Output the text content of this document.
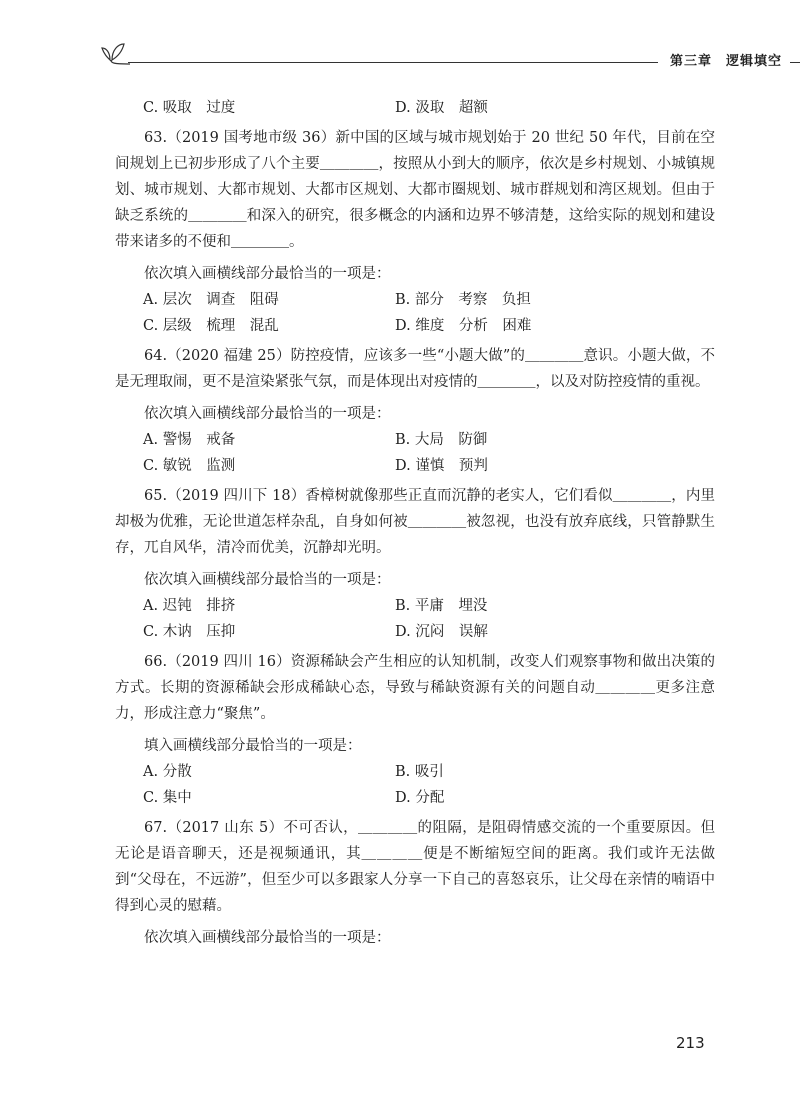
第三章　逻辑填空
C. 吸取　过度	D. 汲取　超额

63.（2019 国考地市级 36）新中国的区域与城市规划始于 20 世纪 50 年代，目前在空间规划上已初步形成了八个主要＿＿＿＿，按照从小到大的顺序，依次是乡村规划、小城镇规划、城市规划、大都市规划、大都市区规划、大都市圈规划、城市群规划和湾区规划。但由于缺乏系统的＿＿＿＿和深入的研究，很多概念的内涵和边界不够清楚，这给实际的规划和建设带来诸多的不便和＿＿＿＿。

依次填入画横线部分最恰当的一项是：

A. 层次　调查　阻碍	B. 部分　考察　负担
C. 层级　梳理　混乱	D. 维度　分析　困难

64.（2020 福建 25）防控疫情，应该多一些“小题大做”的＿＿＿＿意识。小题大做，不是无理取闹，更不是渲染紧张气氛，而是体现出对疫情的＿＿＿＿，以及对防控疫情的重视。

依次填入画横线部分最恰当的一项是：

A. 警惕　戒备	B. 大局　防御
C. 敏锐　监测	D. 谨慎　预判

65.（2019 四川下 18）香樟树就像那些正直而沉静的老实人，它们看似＿＿＿＿，内里却极为优雅，无论世道怎样杂乱，自身如何被＿＿＿＿被忽视，也没有放弃底线，只管静默生存，兀自风华，清冷而优美，沉静却光明。

依次填入画横线部分最恰当的一项是：

A. 迟钝　排挤	B. 平庸　埋没
C. 木讷　压抑	D. 沉闷　误解

66.（2019 四川 16）资源稀缺会产生相应的认知机制，改变人们观察事物和做出决策的方式。长期的资源稀缺会形成稀缺心态，导致与稀缺资源有关的问题自动＿＿＿＿更多注意力，形成注意力“聚焦”。

填入画横线部分最恰当的一项是：

A. 分散	B. 吸引
C. 集中	D. 分配

67.（2017 山东 5）不可否认，＿＿＿＿的阻隔，是阻碍情感交流的一个重要原因。但无论是语音聊天，还是视频通讯，其＿＿＿＿便是不断缩短空间的距离。我们或许无法做到“父母在，不远游”，但至少可以多跟家人分享一下自己的喜怒哀乐，让父母在亲情的喃语中得到心灵的慰藉。

依次填入画横线部分最恰当的一项是：

213
